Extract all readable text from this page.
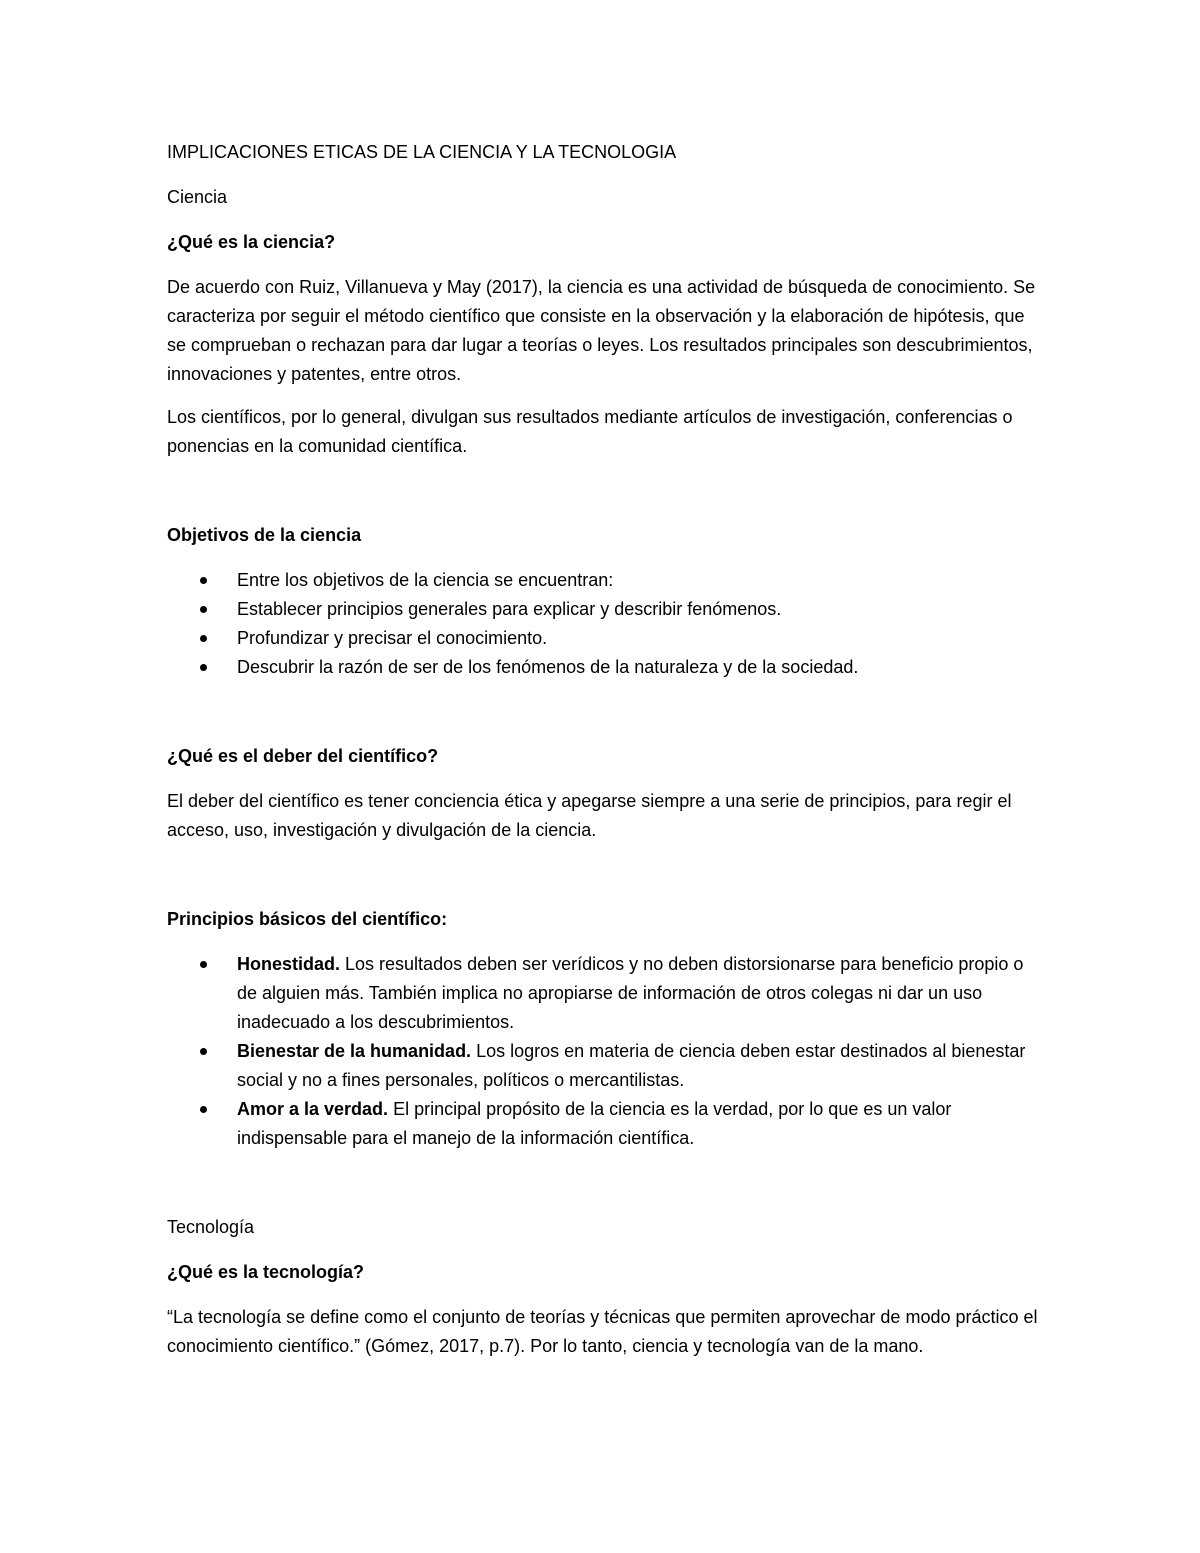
IMPLICACIONES ETICAS DE LA CIENCIA Y LA TECNOLOGIA
Ciencia
¿Qué es la ciencia?

De acuerdo con Ruiz, Villanueva y May (2017), la ciencia es una actividad de búsqueda de conocimiento. Se caracteriza por seguir el método científico que consiste en la observación y la elaboración de hipótesis, que se comprueban o rechazan para dar lugar a teorías o leyes. Los resultados principales son descubrimientos, innovaciones y patentes, entre otros.

Los científicos, por lo general, divulgan sus resultados mediante artículos de investigación, conferencias o ponencias en la comunidad científica.

Objetivos de la ciencia
Entre los objetivos de la ciencia se encuentran:
Establecer principios generales para explicar y describir fenómenos.
Profundizar y precisar el conocimiento.
Descubrir la razón de ser de los fenómenos de la naturaleza y de la sociedad.
¿Qué es el deber del científico?

El deber del científico es tener conciencia ética y apegarse siempre a una serie de principios, para regir el acceso, uso, investigación y divulgación de la ciencia.

Principios básicos del científico:
Honestidad. Los resultados deben ser verídicos y no deben distorsionarse para beneficio propio o de alguien más. También implica no apropiarse de información de otros colegas ni dar un uso inadecuado a los descubrimientos.
Bienestar de la humanidad. Los logros en materia de ciencia deben estar destinados al bienestar social y no a fines personales, políticos o mercantilistas.
Amor a la verdad. El principal propósito de la ciencia es la verdad, por lo que es un valor indispensable para el manejo de la información científica.
Tecnología
¿Qué es la tecnología?

“La tecnología se define como el conjunto de teorías y técnicas que permiten aprovechar de modo práctico el conocimiento científico.” (Gómez, 2017, p.7). Por lo tanto, ciencia y tecnología van de la mano.
